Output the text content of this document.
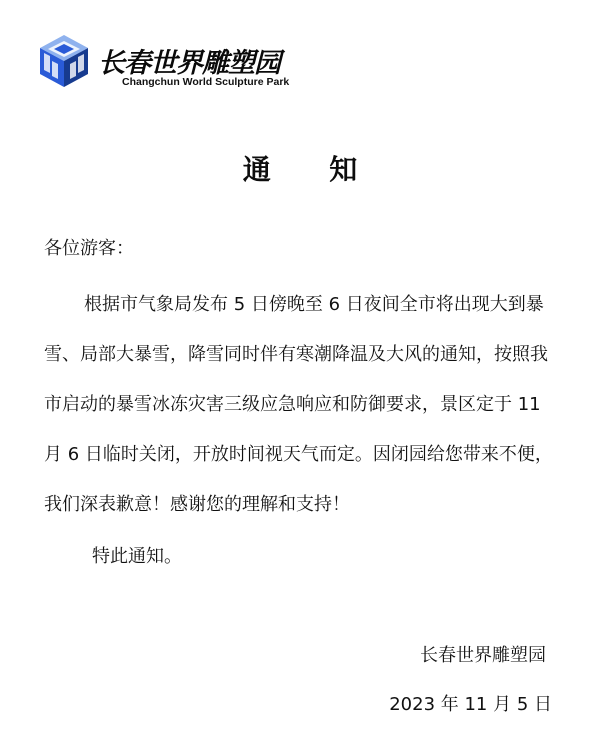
长春世界雕塑园
Changchun World Sculpture Park
通      知
各位游客：
根据市气象局发布 5 日傍晚至 6 日夜间全市将出现大到暴
雪、局部大暴雪，降雪同时伴有寒潮降温及大风的通知，按照我
市启动的暴雪冰冻灾害三级应急响应和防御要求，景区定于 11
月 6 日临时关闭，开放时间视天气而定。因闭园给您带来不便，
我们深表歉意！感谢您的理解和支持！
特此通知。
长春世界雕塑园
2023 年 11 月 5 日
